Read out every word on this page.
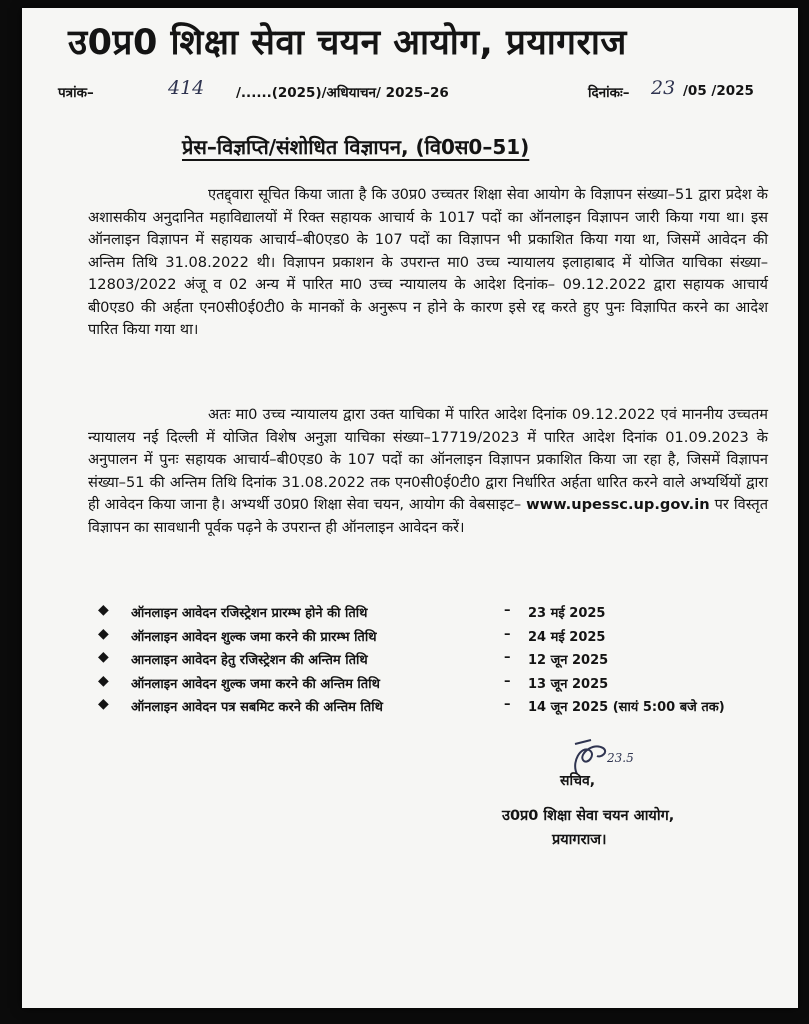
उ0प्र0 शिक्षा सेवा चयन आयोग, प्रयागराज
पत्रांक–	414 /......(2025)/अधियाचन/ 2025–26	दिनांकः– 23 /05 /2025
प्रेस–विज्ञप्ति/संशोधित विज्ञापन, (वि0स0–51)
एतद्द्वारा सूचित किया जाता है कि उ0प्र0 उच्चतर शिक्षा सेवा आयोग के विज्ञापन संख्या–51 द्वारा प्रदेश के अशासकीय अनुदानित महाविद्यालयों में रिक्त सहायक आचार्य के 1017 पदों का ऑनलाइन विज्ञापन जारी किया गया था। इस ऑनलाइन विज्ञापन में सहायक आचार्य–बी0एड0 के 107 पदों का विज्ञापन भी प्रकाशित किया गया था, जिसमें आवेदन की अन्तिम तिथि 31.08.2022 थी। विज्ञापन प्रकाशन के उपरान्त मा0 उच्च न्यायालय इलाहाबाद में योजित याचिका संख्या–12803/2022 अंजू व 02 अन्य में पारित मा0 उच्च न्यायालय के आदेश दिनांक– 09.12.2022 द्वारा सहायक आचार्य बी0एड0 की अर्हता एन0सी0ई0टी0 के मानकों के अनुरूप न होने के कारण इसे रद्द करते हुए पुनः विज्ञापित करने का आदेश पारित किया गया था।
अतः मा0 उच्च न्यायालय द्वारा उक्त याचिका में पारित आदेश दिनांक 09.12.2022 एवं माननीय उच्चतम न्यायालय नई दिल्ली में योजित विशेष अनुज्ञा याचिका संख्या–17719/2023 में पारित आदेश दिनांक 01.09.2023 के अनुपालन में पुनः सहायक आचार्य–बी0एड0 के 107 पदों का ऑनलाइन विज्ञापन प्रकाशित किया जा रहा है, जिसमें विज्ञापन संख्या–51 की अन्तिम तिथि दिनांक 31.08.2022 तक एन0सी0ई0टी0 द्वारा निर्धारित अर्हता धारित करने वाले अभ्यर्थियों द्वारा ही आवेदन किया जाना है। अभ्यर्थी उ0प्र0 शिक्षा सेवा चयन, आयोग की वेबसाइट– www.upessc.up.gov.in पर विस्तृत विज्ञापन का सावधानी पूर्वक पढ़ने के उपरान्त ही ऑनलाइन आवेदन करें।
◆ ऑनलाइन आवेदन रजिस्ट्रेशन प्रारम्भ होने की तिथि	– 23 मई 2025
◆ ऑनलाइन आवेदन शुल्क जमा करने की प्रारम्भ तिथि	– 24 मई 2025
◆ आनलाइन आवेदन हेतु रजिस्ट्रेशन की अन्तिम तिथि	– 12 जून 2025
◆ ऑनलाइन आवेदन शुल्क जमा करने की अन्तिम तिथि	– 13 जून 2025
◆ ऑनलाइन आवेदन पत्र सबमिट करने की अन्तिम तिथि	– 14 जून 2025 (सायं 5:00 बजे तक)
23.5
सचिव,
उ0प्र0 शिक्षा सेवा चयन आयोग,
प्रयागराज।
